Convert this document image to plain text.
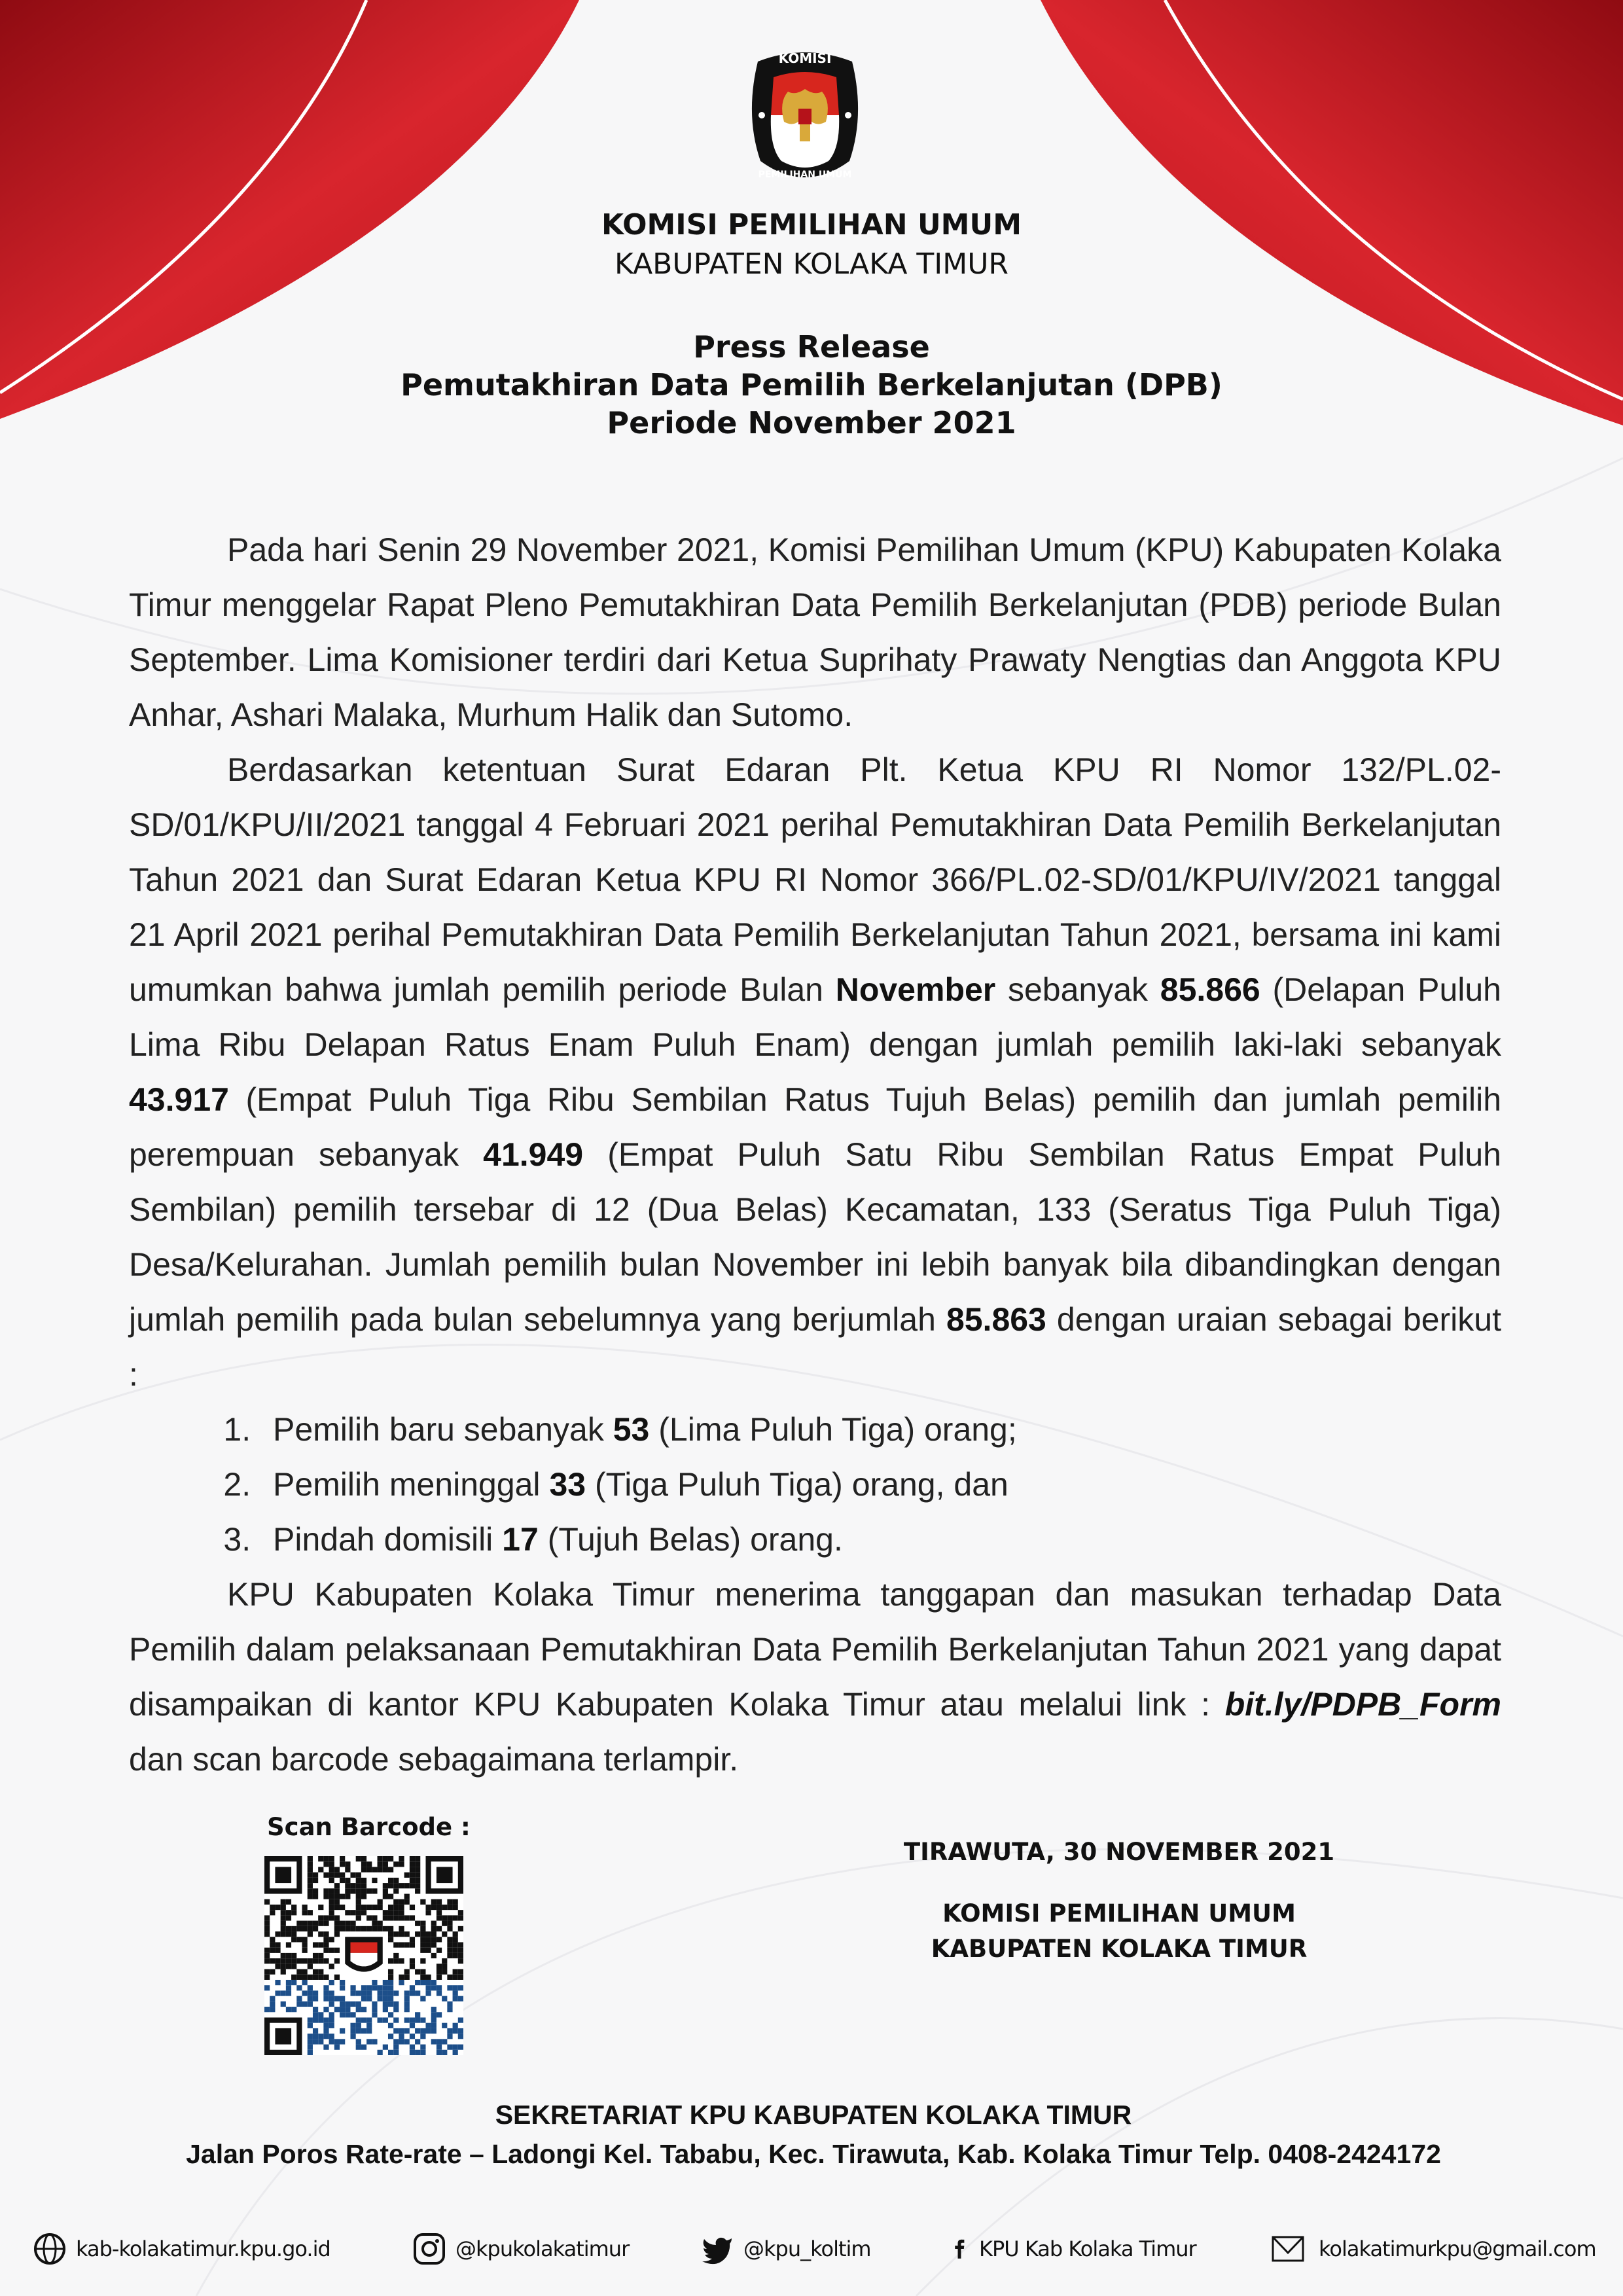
KOMISI
PEMILIHAN UMUM
KOMISI PEMILIHAN UMUM
KABUPATEN KOLAKA TIMUR
Press Release
Pemutakhiran Data Pemilih Berkelanjutan (DPB)
Periode November 2021

Pada hari Senin 29 November 2021, Komisi Pemilihan Umum (KPU) Kabupaten Kolaka Timur menggelar Rapat Pleno Pemutakhiran Data Pemilih Berkelanjutan (PDB) periode Bulan September. Lima Komisioner terdiri dari Ketua Suprihaty Prawaty Nengtias dan Anggota KPU Anhar, Ashari Malaka, Murhum Halik dan Sutomo.

Berdasarkan ketentuan Surat Edaran Plt. Ketua KPU RI Nomor 132/PL.02-SD/01/KPU/II/2021 tanggal 4 Februari 2021 perihal Pemutakhiran Data Pemilih Berkelanjutan Tahun 2021 dan Surat Edaran Ketua KPU RI Nomor 366/PL.02-SD/01/KPU/IV/2021 tanggal 21 April 2021 perihal Pemutakhiran Data Pemilih Berkelanjutan Tahun 2021, bersama ini kami umumkan bahwa jumlah pemilih periode Bulan November sebanyak 85.866 (Delapan Puluh Lima Ribu Delapan Ratus Enam Puluh Enam) dengan jumlah pemilih laki-laki sebanyak 43.917 (Empat Puluh Tiga Ribu Sembilan Ratus Tujuh Belas) pemilih dan jumlah pemilih perempuan sebanyak 41.949 (Empat Puluh Satu Ribu Sembilan Ratus Empat Puluh Sembilan) pemilih tersebar di 12 (Dua Belas) Kecamatan, 133 (Seratus Tiga Puluh Tiga) Desa/Kelurahan. Jumlah pemilih bulan November ini lebih banyak bila dibandingkan dengan jumlah pemilih pada bulan sebelumnya yang berjumlah 85.863 dengan uraian sebagai berikut :

1. Pemilih baru sebanyak 53 (Lima Puluh Tiga) orang;
2. Pemilih meninggal 33 (Tiga Puluh Tiga) orang, dan
3. Pindah domisili 17 (Tujuh Belas) orang.

KPU Kabupaten Kolaka Timur menerima tanggapan dan masukan terhadap Data Pemilih dalam pelaksanaan Pemutakhiran Data Pemilih Berkelanjutan Tahun 2021 yang dapat disampaikan di kantor KPU Kabupaten Kolaka Timur atau melalui link : bit.ly/PDPB_Form dan scan barcode sebagaimana terlampir.

Scan Barcode :
TIRAWUTA, 30 NOVEMBER 2021
KOMISI PEMILIHAN UMUM
KABUPATEN KOLAKA TIMUR
SEKRETARIAT KPU KABUPATEN KOLAKA TIMUR
Jalan Poros Rate-rate – Ladongi Kel. Tababu, Kec. Tirawuta, Kab. Kolaka Timur Telp. 0408-2424172
kab-kolakatimur.kpu.go.id	@kpukolakatimur	@kpu_koltim	KPU Kab Kolaka Timur	kolakatimurkpu@gmail.com
